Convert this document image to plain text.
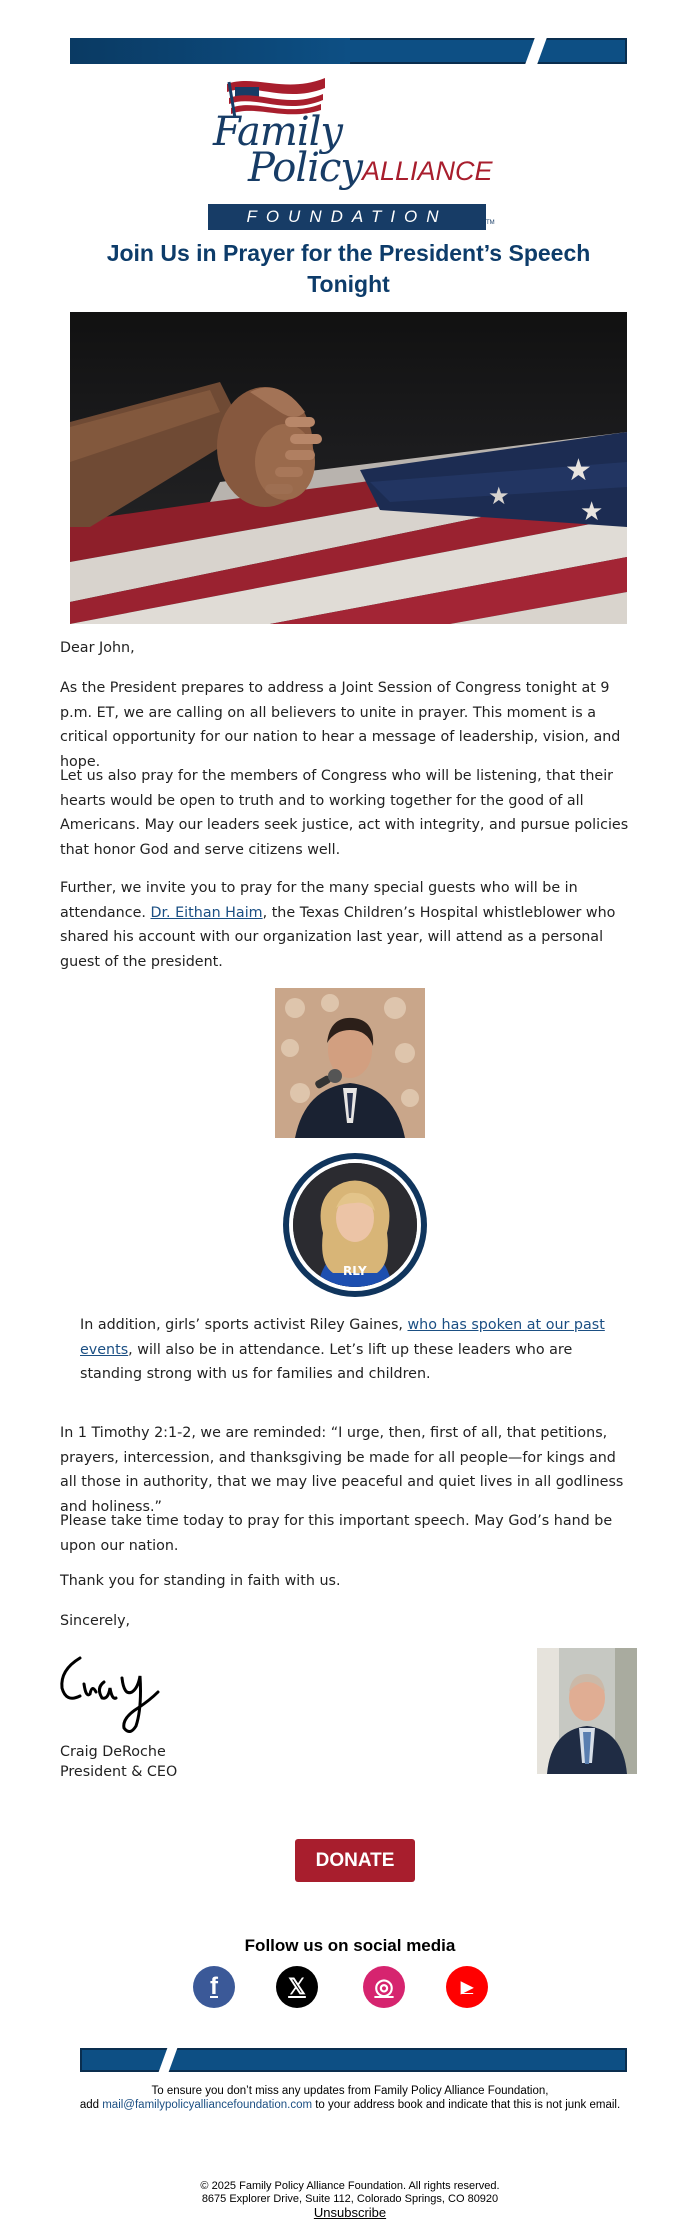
Family
Policy ALLIANCE
FOUNDATION	TM
Join Us in Prayer for the President’s Speech Tonight
★
★
★
Dear John,
As the President prepares to address a Joint Session of Congress tonight at 9 p.m. ET, we are calling on all believers to unite in prayer. This moment is a critical opportunity for our nation to hear a message of leadership, vision, and hope.
Let us also pray for the members of Congress who will be listening, that their hearts would be open to truth and to working together for the good of all Americans. May our leaders seek justice, act with integrity, and pursue policies that honor God and serve citizens well.
Further, we invite you to pray for the many special guests who will be in attendance. Dr. Eithan Haim, the Texas Children’s Hospital whistleblower who shared his account with our organization last year, will attend as a personal guest of the president.
RLY
In addition, girls’ sports activist Riley Gaines, who has spoken at our past events, will also be in attendance. Let’s lift up these leaders who are standing strong with us for families and children.
In 1 Timothy 2:1-2, we are reminded: “I urge, then, first of all, that petitions, prayers, intercession, and thanksgiving be made for all people—for kings and all those in authority, that we may live peaceful and quiet lives in all godliness and holiness.”
Please take time today to pray for this important speech. May God’s hand be upon our nation.
Thank you for standing in faith with us.
Sincerely,
Craig DeRoche
President & CEO
DONATE
Follow us on social media
f	𝕏	◎	▶
To ensure you don’t miss any updates from Family Policy Alliance Foundation,
add mail@familypolicyalliancefoundation.com to your address book and indicate that this is not junk email.
© 2025 Family Policy Alliance Foundation. All rights reserved.
8675 Explorer Drive, Suite 112, Colorado Springs, CO 80920
Unsubscribe
